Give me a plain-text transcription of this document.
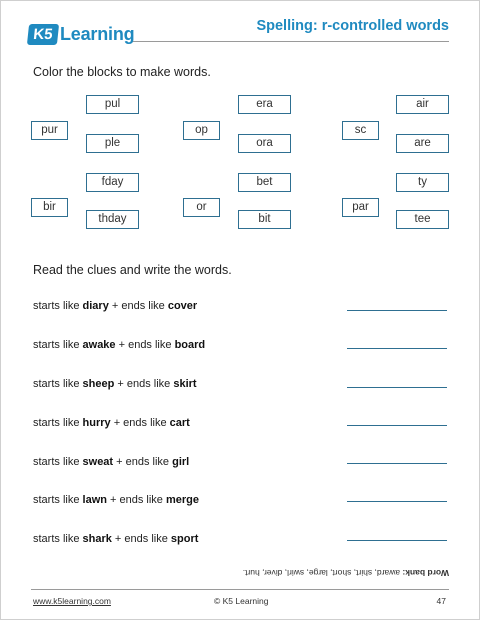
K5 Learning	Spelling: r-controlled words
Color the blocks to make words.
pul
pur
ple
era
op
ora
air
sc
are
fday
bir
thday
bet
or
bit
ty
par
tee
Read the clues and write the words.
starts like diary + ends like cover
starts like awake + ends like board
starts like sheep + ends like skirt
starts like hurry + ends like cart
starts like sweat + ends like girl
starts like lawn + ends like merge
starts like shark + ends like sport
Word bank: award, shirt, short, large, swirl, diver, hurt.
www.k5learning.com	© K5 Learning	47
